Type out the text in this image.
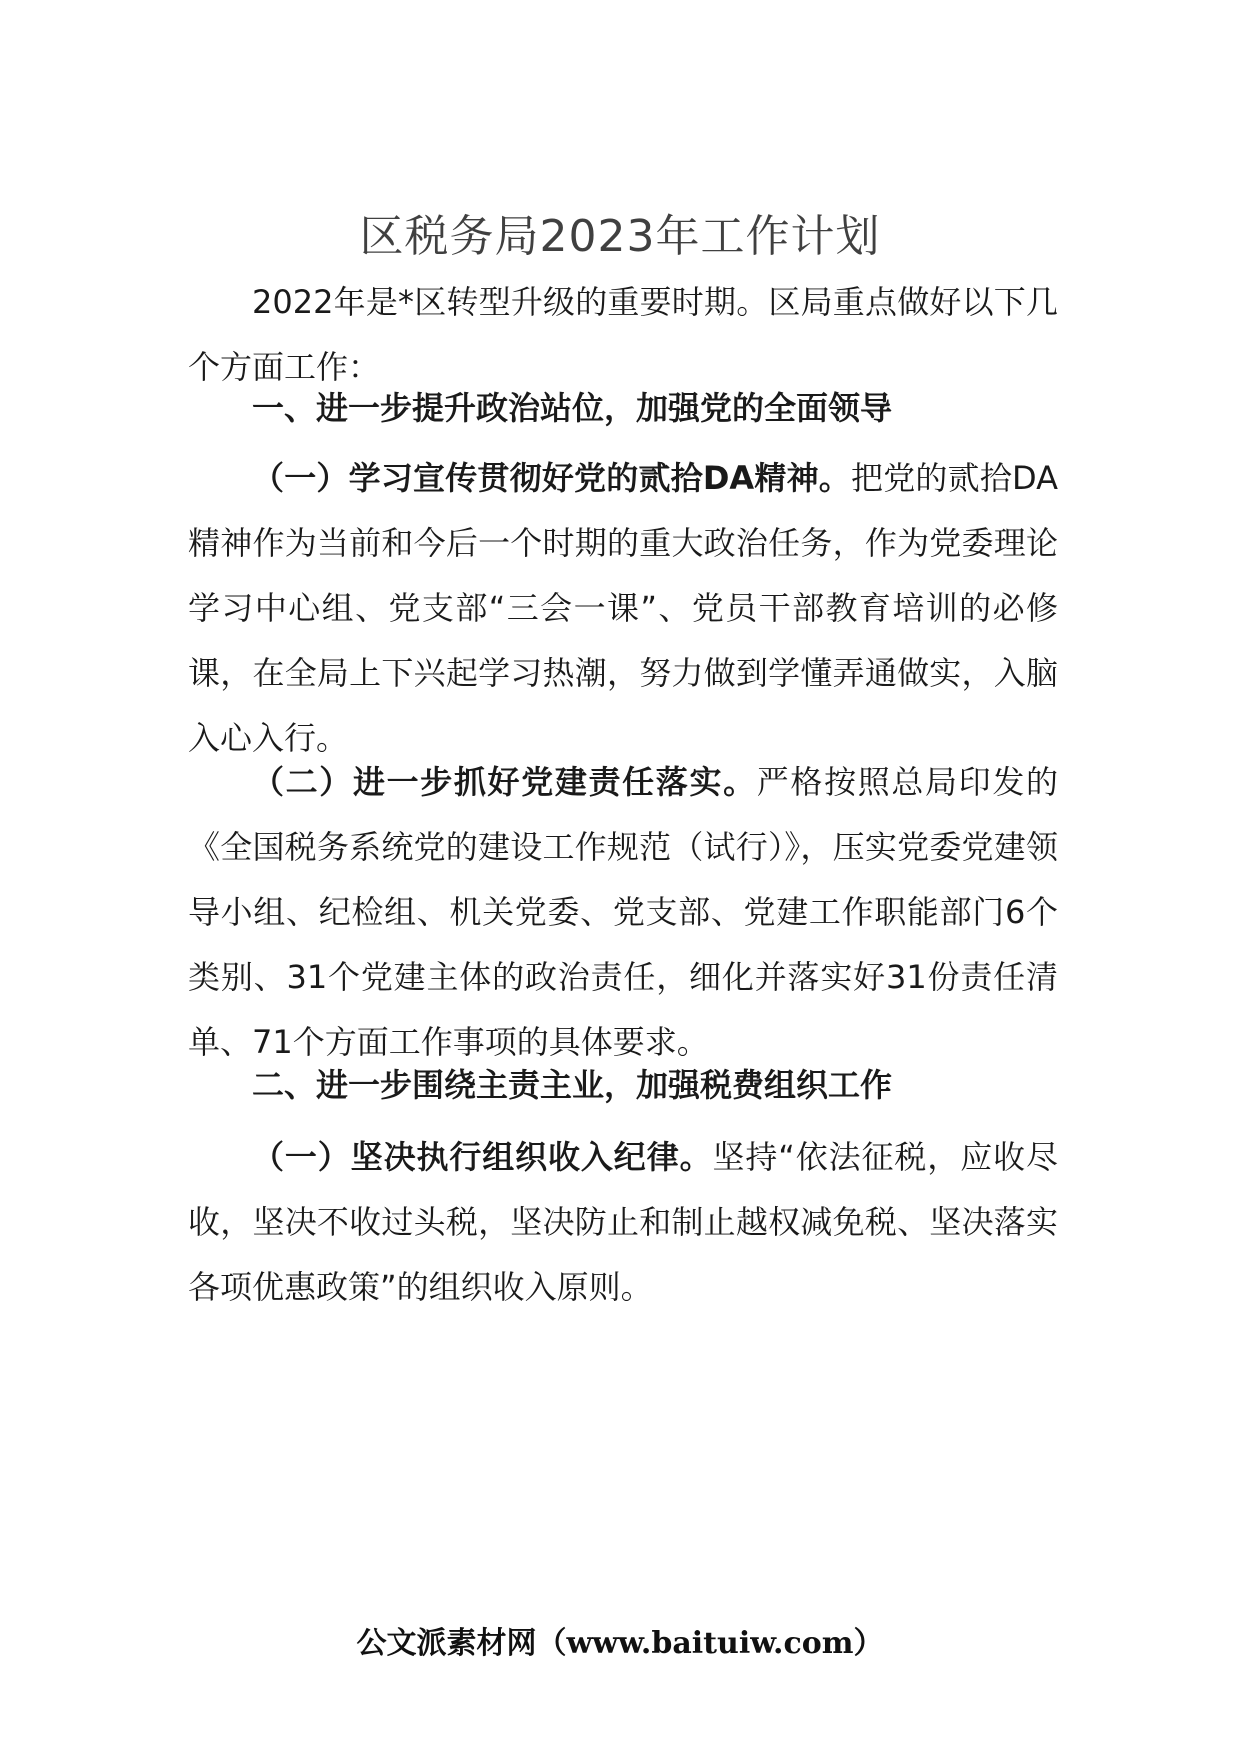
区税务局2023年工作计划

2022年是*区转型升级的重要时期。区局重点做好以下几个方面工作：

一、进一步提升政治站位，加强党的全面领导

（一）学习宣传贯彻好党的贰拾DA精神。把党的贰拾DA精神作为当前和今后一个时期的重大政治任务，作为党委理论学习中心组、党支部“三会一课”、党员干部教育培训的必修课，在全局上下兴起学习热潮，努力做到学懂弄通做实，入脑入心入行。

（二）进一步抓好党建责任落实。严格按照总局印发的《全国税务系统党的建设工作规范（试行）》，压实党委党建领导小组、纪检组、机关党委、党支部、党建工作职能部门6个类别、31个党建主体的政治责任，细化并落实好31份责任清单、71个方面工作事项的具体要求。

二、进一步围绕主责主业，加强税费组织工作

（一）坚决执行组织收入纪律。坚持“依法征税，应收尽收，坚决不收过头税，坚决防止和制止越权减免税、坚决落实各项优惠政策”的组织收入原则。

公文派素材网（www.baituiw.com）
